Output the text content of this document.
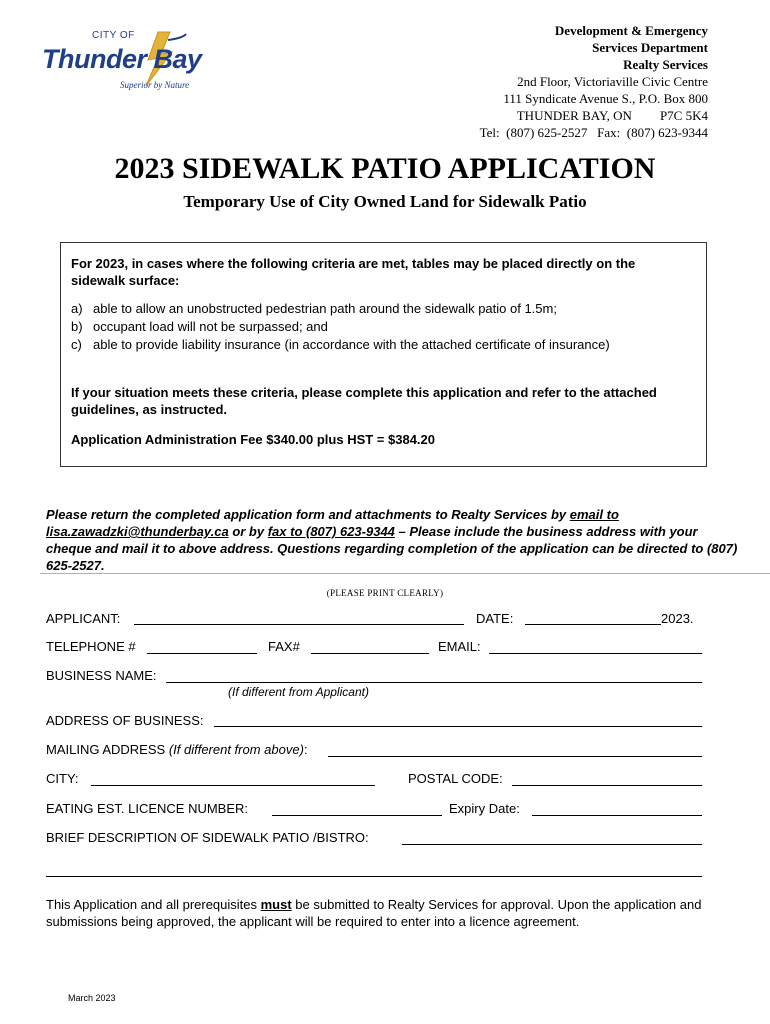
CITY OF
Thunder Bay
Superior by Nature
Development & Emergency
Services Department
Realty Services
2nd Floor, Victoriaville Civic Centre
111 Syndicate Avenue S., P.O. Box 800
THUNDER BAY, ON P7C 5K4
Tel:  (807) 625-2527   Fax:  (807) 623-9344
2023 SIDEWALK PATIO APPLICATION
Temporary Use of City Owned Land for Sidewalk Patio
For 2023, in cases where the following criteria are met, tables may be placed directly on the sidewalk surface:
a) able to allow an unobstructed pedestrian path around the sidewalk patio of 1.5m;
b) occupant load will not be surpassed; and
c) able to provide liability insurance (in accordance with the attached certificate of insurance)
If your situation meets these criteria, please complete this application and refer to the attached guidelines, as instructed.
Application Administration Fee $340.00 plus HST = $384.20
Please return the completed application form and attachments to Realty Services by email to lisa.zawadzki@thunderbay.ca or by fax to (807) 623-9344 – Please include the business address with your cheque and mail it to above address. Questions regarding completion of the application can be directed to (807) 625-2527.
(PLEASE PRINT CLEARLY)
APPLICANT:	DATE:	2023.
TELEPHONE #	FAX#	EMAIL:
BUSINESS NAME:
(If different from Applicant)
ADDRESS OF BUSINESS:
MAILING ADDRESS (If different from above):
CITY:	POSTAL CODE:
EATING EST. LICENCE NUMBER:	Expiry Date:
BRIEF DESCRIPTION OF SIDEWALK PATIO /BISTRO:
This Application and all prerequisites must be submitted to Realty Services for approval. Upon the application and submissions being approved, the applicant will be required to enter into a licence agreement.
March 2023
